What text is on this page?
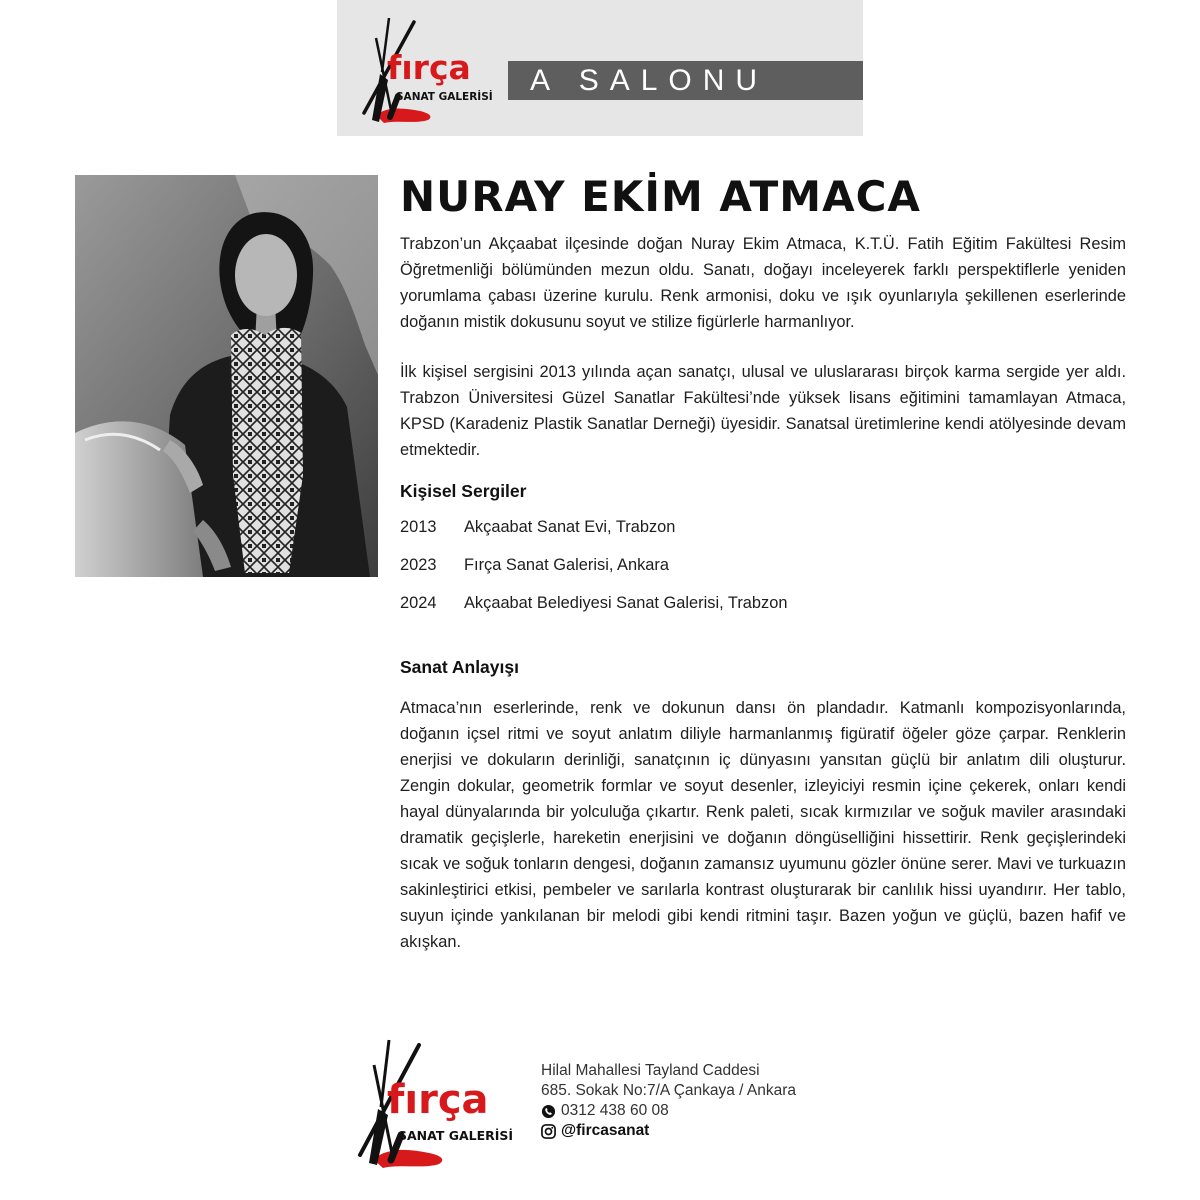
fırça
SANAT GALERİSİ A SALONU
NURAY EKİM ATMACA

Trabzon’un Akçaabat ilçesinde doğan Nuray Ekim Atmaca, K.T.Ü. Fatih Eğitim Fakültesi Resim Öğretmenliği bölümünden mezun oldu. Sanatı, doğayı inceleyerek farklı perspektiflerle yeniden yorumlama çabası üzerine kurulu. Renk armonisi, doku ve ışık oyunlarıyla şekillenen eserlerinde doğanın mistik dokusunu soyut ve stilize figürlerle harmanlıyor.

İlk kişisel sergisini 2013 yılında açan sanatçı, ulusal ve uluslararası birçok karma sergide yer aldı. Trabzon Üniversitesi Güzel Sanatlar Fakültesi’nde yüksek lisans eğitimini tamamlayan Atmaca, KPSD (Karadeniz Plastik Sanatlar Derneği) üyesidir. Sanatsal üretimlerine kendi atölyesinde devam etmektedir.

Kişisel Sergiler
2013 Akçaabat Sanat Evi, Trabzon
2023 Fırça Sanat Galerisi, Ankara
2024 Akçaabat Belediyesi Sanat Galerisi, Trabzon
Sanat Anlayışı

Atmaca’nın eserlerinde, renk ve dokunun dansı ön plandadır. Katmanlı kompozisyonlarında, doğanın içsel ritmi ve soyut anlatım diliyle harmanlanmış figüratif öğeler göze çarpar. Renklerin enerjisi ve dokuların derinliği, sanatçının iç dünyasını yansıtan güçlü bir anlatım dili oluşturur. Zengin dokular, geometrik formlar ve soyut desenler, izleyiciyi resmin içine çekerek, onları kendi hayal dünyalarında bir yolculuğa çıkartır. Renk paleti, sıcak kırmızılar ve soğuk maviler arasındaki dramatik geçişlerle, hareketin enerjisini ve doğanın döngüselliğini hissettirir. Renk geçişlerindeki sıcak ve soğuk tonların dengesi, doğanın zamansız uyumunu gözler önüne serer. Mavi ve turkuazın sakinleştirici etkisi, pembeler ve sarılarla kontrast oluşturarak bir canlılık hissi uyandırır. Her tablo, suyun içinde yankılanan bir melodi gibi kendi ritmini taşır. Bazen yoğun ve güçlü, bazen hafif ve akışkan.

fırça
SANAT GALERİSİ
Hilal Mahallesi Tayland Caddesi
685. Sokak No:7/A Çankaya / Ankara
0312 438 60 08
@fircasanat
